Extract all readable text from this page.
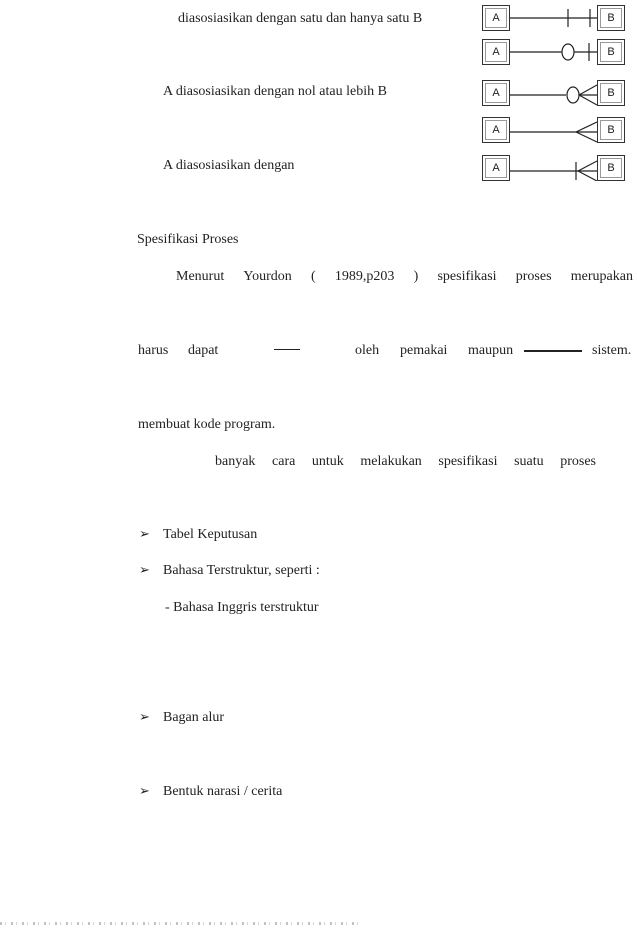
diasosiasikan dengan satu dan hanya satu B
A diasosiasikan dengan nol atau lebih B
A diasosiasikan dengan
A	B
A	B
A	B
A	B
A	B
Spesifikasi Proses
Menurut Yourdon ( 1989,p203 ) spesifikasi proses merupakan
harus dapat	oleh pemakai maupun	sistem.
membuat kode program.
banyak cara untuk melakukan spesifikasi suatu proses
➢ Tabel Keputusan
➢ Bahasa Terstruktur, seperti :
- Bahasa Inggris terstruktur
➢ Bagan alur
➢ Bentuk narasi / cerita
